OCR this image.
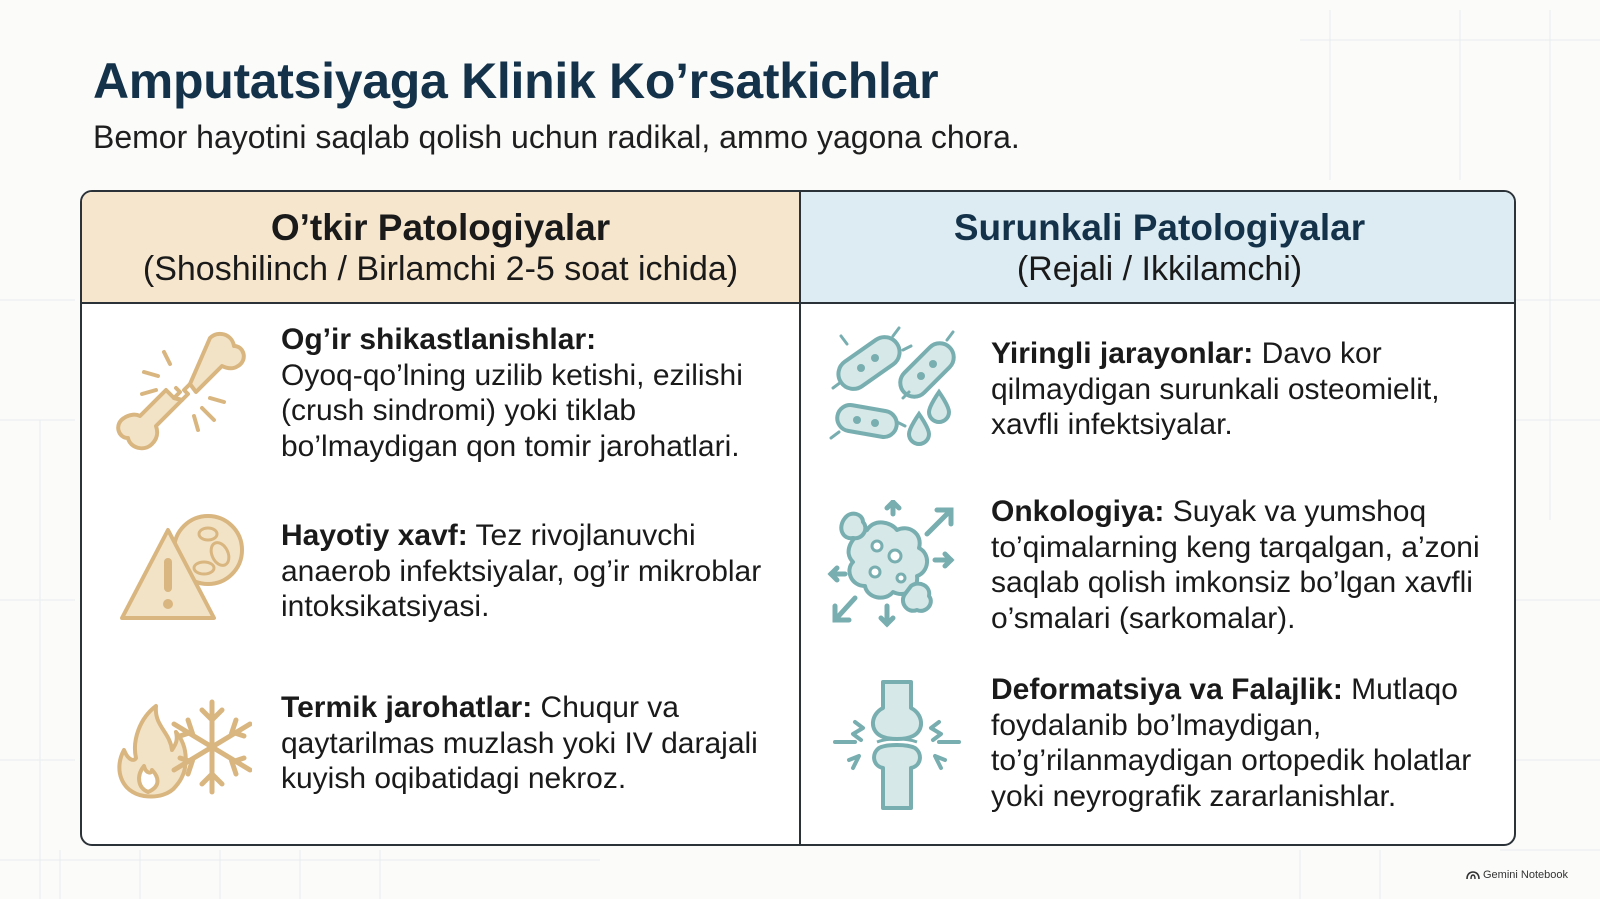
Amputatsiyaga Klinik Ko’rsatkichlar

Bemor hayotini saqlab qolish uchun radikal, ammo yagona chora.

O’tkir Patologiyalar
(Shoshilinch / Birlamchi 2-5 soat ichida)
Surunkali Patologiyalar
(Rejali / Ikkilamchi)

Og’ir shikastlanishlar:
Oyoq-qo’lning uzilib ketishi, ezilishi (crush sindromi) yoki tiklab bo’lmaydigan qon tomir jarohatlari.

Hayotiy xavf: Tez rivojlanuvchi anaerob infektsiyalar, og’ir mikroblar intoksikatsiyasi.

Termik jarohatlar: Chuqur va qaytarilmas muzlash yoki IV darajali kuyish oqibatidagi nekroz.

Yiringli jarayonlar: Davo kor qilmaydigan surunkali osteomielit, xavfli infektsiyalar.

Onkologiya: Suyak va yumshoq to’qimalarning keng tarqalgan, a’zoni saqlab qolish imkonsiz bo’lgan xavfli o’smalari (sarkomalar).

Deformatsiya va Falajlik: Mutlaqo foydalanib bo’lmaydigan, to’g’rilanmaydigan ortopedik holatlar yoki neyrografik zararlanishlar.

Gemini Notebook
